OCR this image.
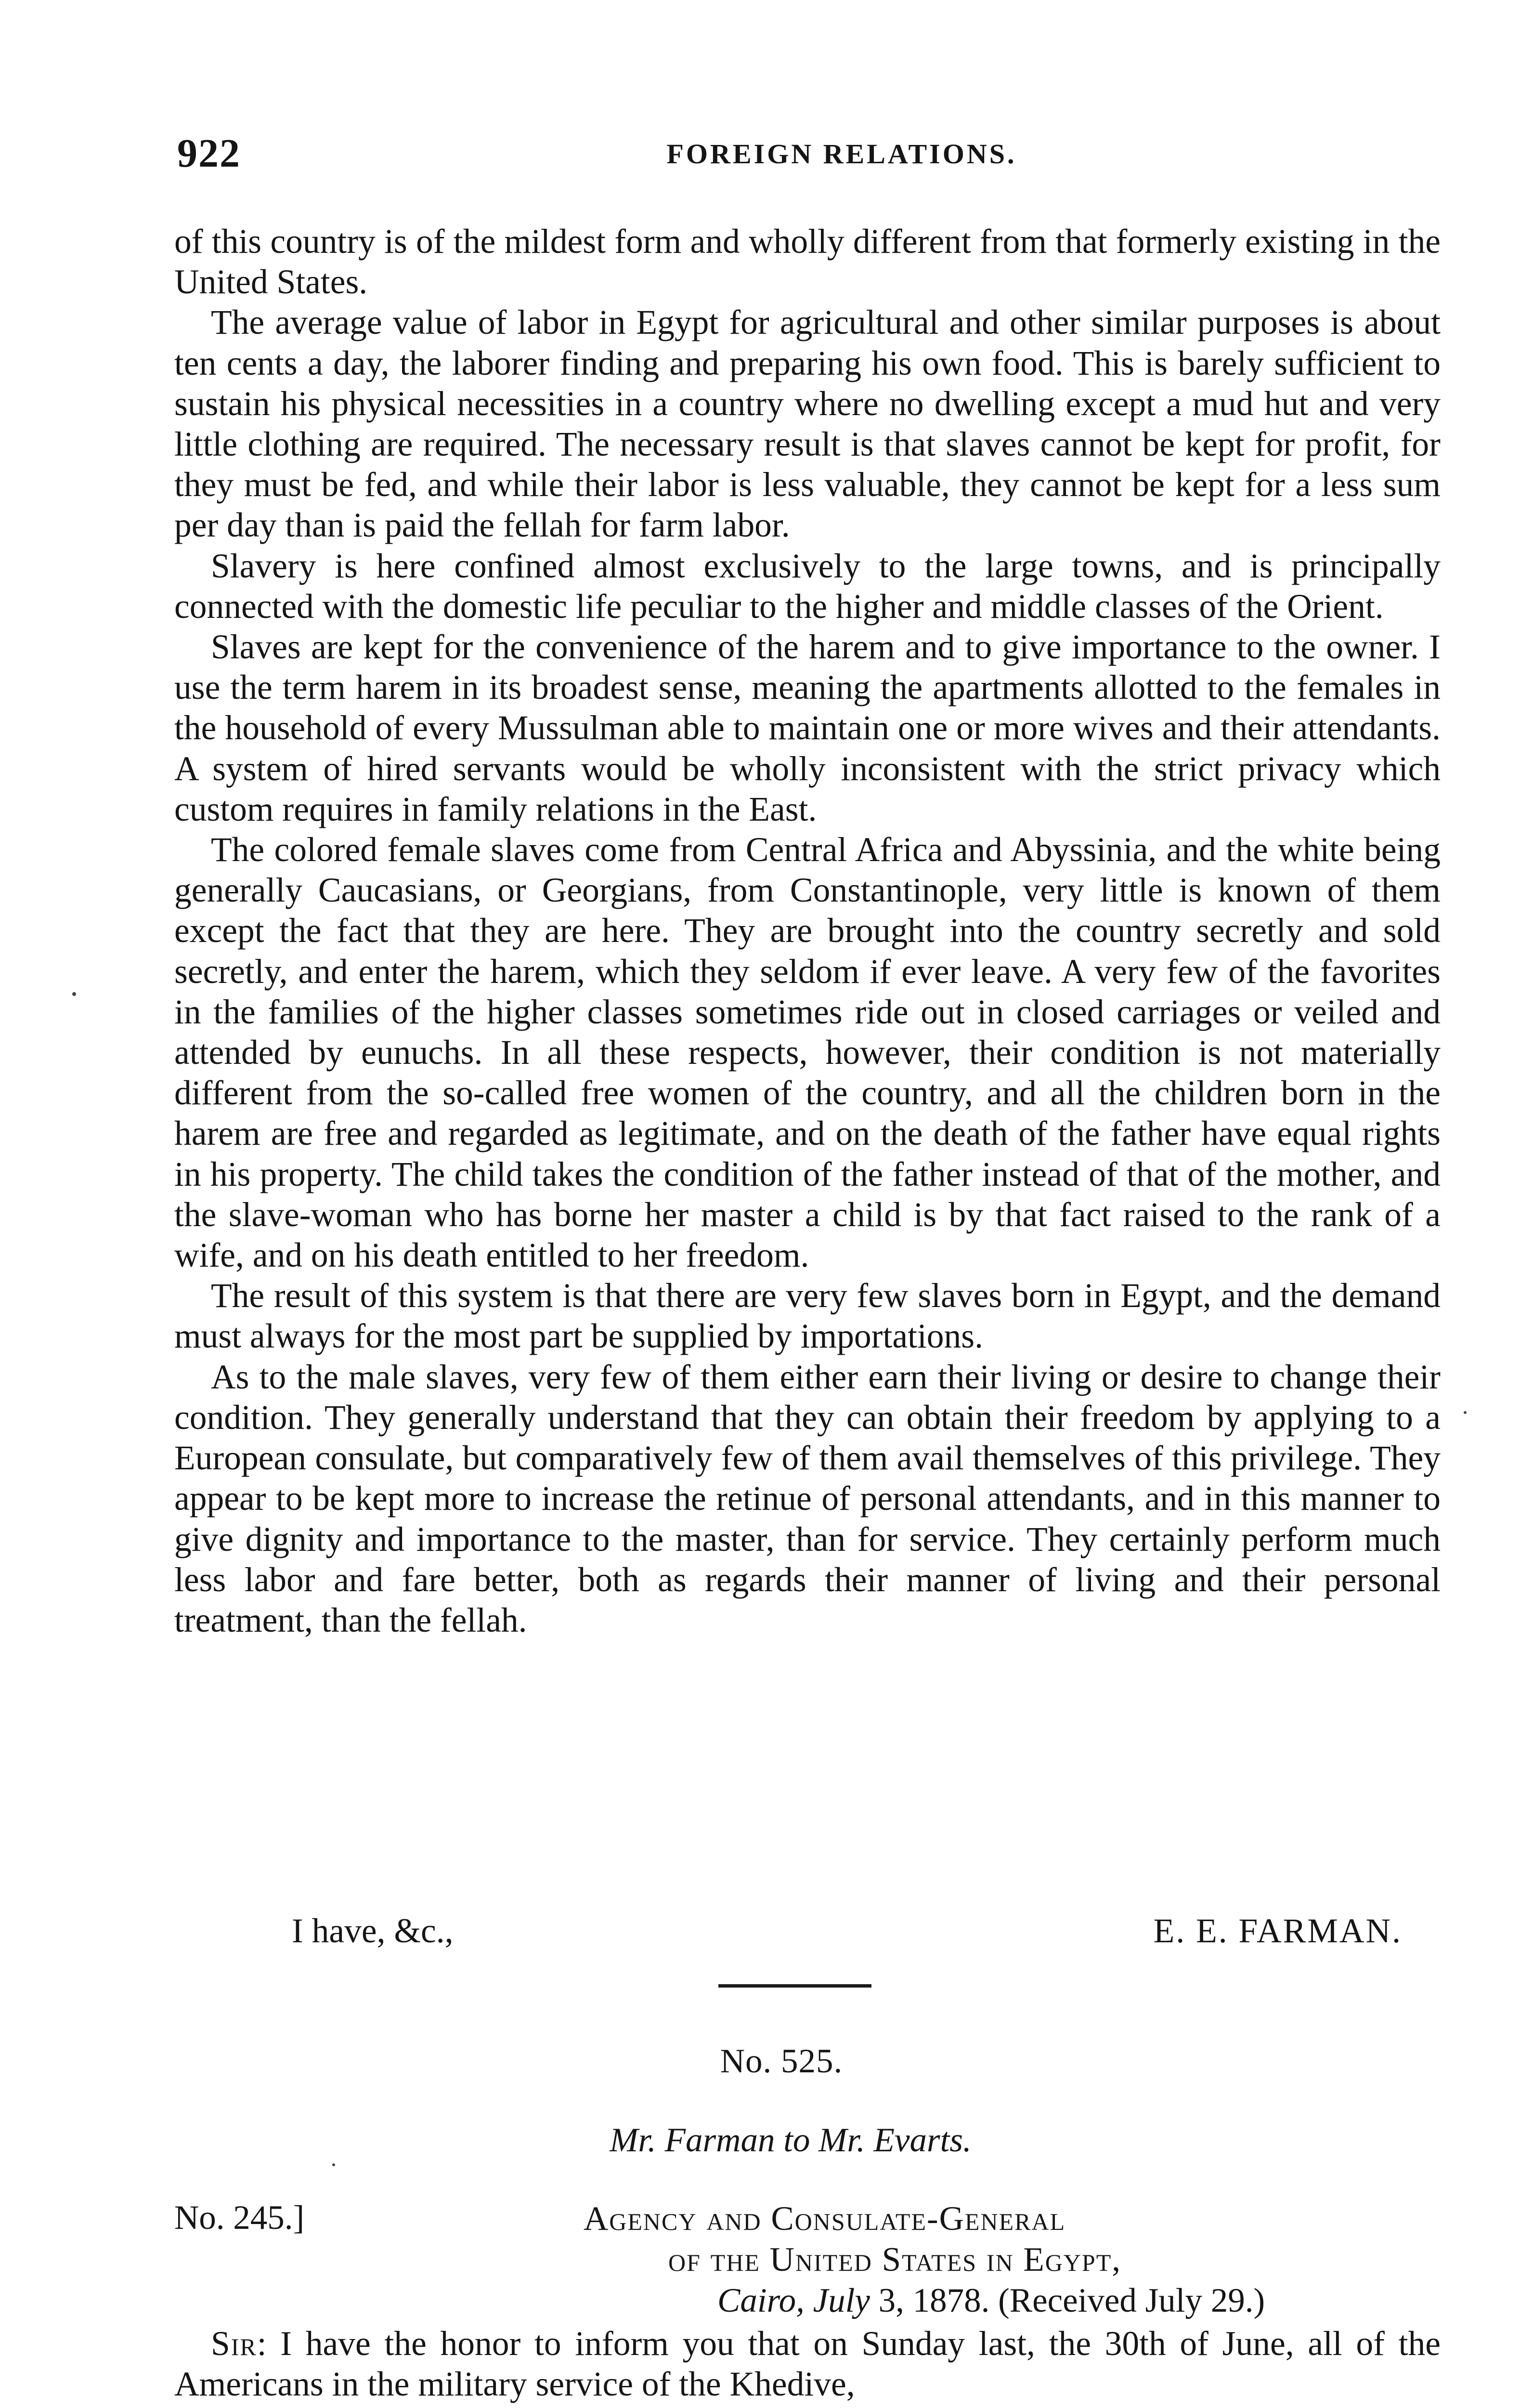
922	FOREIGN RELATIONS.

of this country is of the mildest form and wholly different from that formerly existing in the United States.

The average value of labor in Egypt for agricultural and other similar purposes is about ten cents a day, the laborer finding and preparing his own food. This is barely sufficient to sustain his physical necessities in a country where no dwelling except a mud hut and very little clothing are required. The necessary result is that slaves cannot be kept for profit, for they must be fed, and while their labor is less valuable, they cannot be kept for a less sum per day than is paid the fellah for farm labor.

Slavery is here confined almost exclusively to the large towns, and is principally connected with the domestic life peculiar to the higher and middle classes of the Orient.

Slaves are kept for the convenience of the harem and to give importance to the owner. I use the term harem in its broadest sense, meaning the apartments allotted to the females in the household of every Mussulman able to maintain one or more wives and their attendants. A system of hired servants would be wholly inconsistent with the strict privacy which custom requires in family relations in the East.

The colored female slaves come from Central Africa and Abyssinia, and the white being generally Caucasians, or Georgians, from Constantinople, very little is known of them except the fact that they are here. They are brought into the country secretly and sold secretly, and enter the harem, which they seldom if ever leave. A very few of the favorites in the families of the higher classes sometimes ride out in closed carriages or veiled and attended by eunuchs. In all these respects, however, their condition is not materially different from the so-called free women of the country, and all the children born in the harem are free and regarded as legitimate, and on the death of the father have equal rights in his property. The child takes the condition of the father instead of that of the mother, and the slave-woman who has borne her master a child is by that fact raised to the rank of a wife, and on his death entitled to her freedom.

The result of this system is that there are very few slaves born in Egypt, and the demand must always for the most part be supplied by importations.

As to the male slaves, very few of them either earn their living or desire to change their condition. They generally understand that they can obtain their freedom by applying to a European consulate, but comparatively few of them avail themselves of this privilege. They appear to be kept more to increase the retinue of personal attendants, and in this manner to give dignity and importance to the master, than for service. They certainly perform much less labor and fare better, both as regards their manner of living and their personal treatment, than the fellah.

I have, &c.,	E. E. FARMAN.
No. 525.
Mr. Farman to Mr. Evarts.
No. 245.]	Agency and Consulate-General
of the United States in Egypt,
Cairo, July 3, 1878. (Received July 29.)

Sir: I have the honor to inform you that on Sunday last, the 30th of June, all of the Americans in the military service of the Khedive,
